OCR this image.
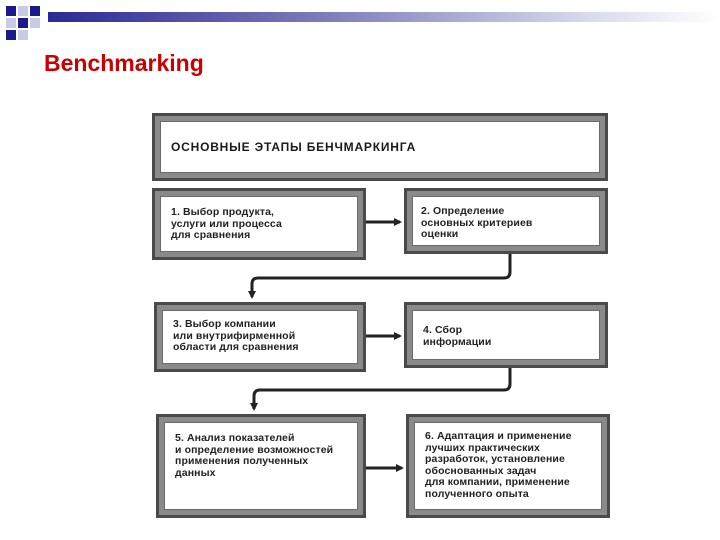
Benchmarking
ОСНОВНЫЕ ЭТАПЫ БЕНЧМАРКИНГА
1. Выбор продукта,
услуги или процесса
для сравнения
2. Определение
основных критериев
оценки
3. Выбор компании
или внутрифирменной
области для сравнения
4. Сбор
информации
5. Анализ показателей
и определение возможностей
применения полученных
данных
6. Адаптация и применение
лучших практических
разработок, установление
обоснованных задач
для компании, применение
полученного опыта
